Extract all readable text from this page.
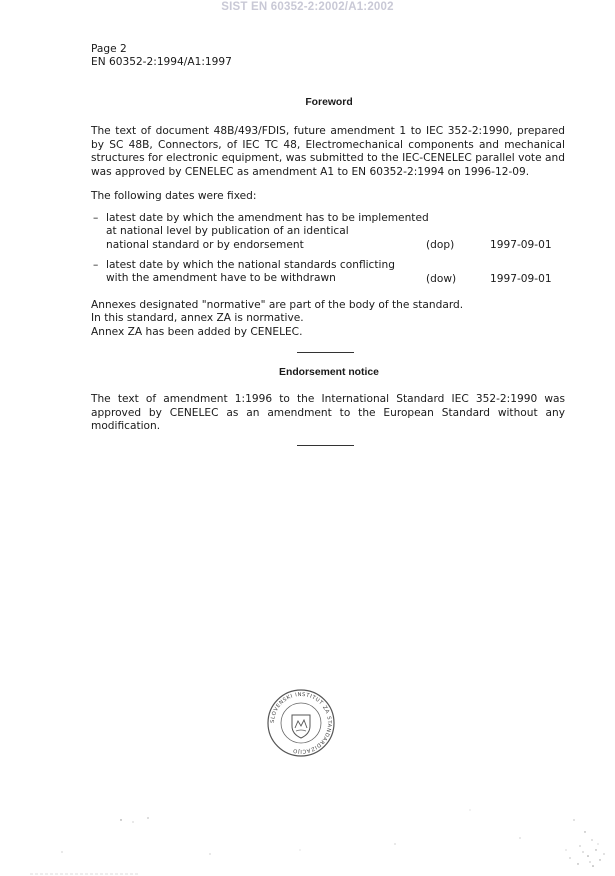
SIST EN 60352-2:2002/A1:2002
Page 2
EN 60352-2:1994/A1:1997
Foreword
The text of document 48B/493/FDIS, future amendment 1 to IEC 352-2:1990, prepared by SC 48B, Connectors, of IEC TC 48, Electromechanical components and mechanical structures for electronic equipment, was submitted to the IEC-CENELEC parallel vote and was approved by CENELEC as amendment A1 to EN 60352-2:1994 on 1996-12-09.
The following dates were fixed:
– latest date by which the amendment has to be implemented
at national level by publication of an identical
national standard or by endorsement	(dop)	1997-09-01
– latest date by which the national standards conflicting
with the amendment have to be withdrawn	(dow)	1997-09-01
Annexes designated "normative" are part of the body of the standard.
In this standard, annex ZA is normative.
Annex ZA has been added by CENELEC.
Endorsement notice
The text of amendment 1:1996 to the International Standard IEC 352-2:1990 was approved by CENELEC as an amendment to the European Standard without any modification.
SLOVENSKI INSTITUT ZA STANDARDIZACIJO
